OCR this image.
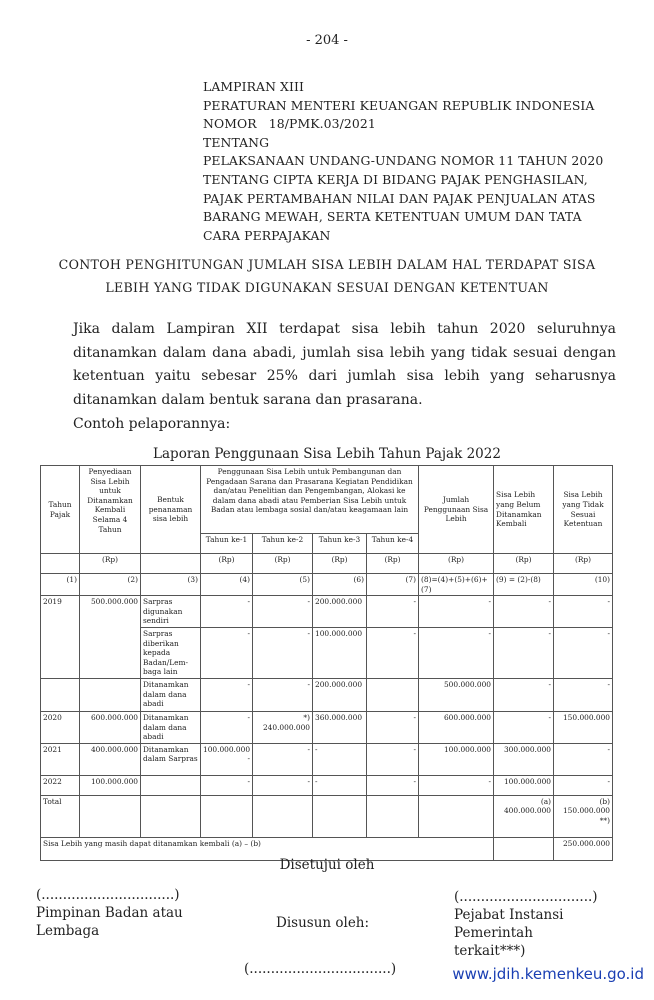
- 204 -
LAMPIRAN XIII
PERATURAN MENTERI KEUANGAN REPUBLIK INDONESIA
NOMOR   18/PMK.03/2021
TENTANG
PELAKSANAAN UNDANG-UNDANG NOMOR 11 TAHUN 2020
TENTANG CIPTA KERJA DI BIDANG PAJAK PENGHASILAN,
PAJAK PERTAMBAHAN NILAI DAN PAJAK PENJUALAN ATAS
BARANG MEWAH, SERTA KETENTUAN UMUM DAN TATA
CARA PERPAJAKAN
CONTOH PENGHITUNGAN JUMLAH SISA LEBIH DALAM HAL TERDAPAT SISA
LEBIH YANG TIDAK DIGUNAKAN SESUAI DENGAN KETENTUAN
Jika dalam Lampiran XII terdapat sisa lebih tahun 2020 seluruhnya ditanamkan dalam dana abadi, jumlah sisa lebih yang tidak sesuai dengan ketentuan yaitu sebesar 25% dari jumlah sisa lebih yang seharusnya ditanamkan dalam bentuk sarana dan prasarana.
Contoh pelaporannya:
Laporan Penggunaan Sisa Lebih Tahun Pajak 2022
Tahun Pajak	Penyediaan Sisa Lebih untuk Ditanamkan Kembali Selama 4 Tahun	Bentuk penanaman sisa lebih	Penggunaan Sisa Lebih untuk Pembangunan dan Pengadaan Sarana dan Prasarana Kegiatan Pendidikan dan/atau Penelitian dan Pengembangan, Alokasi ke dalam dana abadi atau Pemberian Sisa Lebih untuk Badan atau lembaga sosial dan/atau keagamaan lain				Jumlah Penggunaan Sisa Lebih	Sisa Lebih yang Belum Ditanamkan Kembali	Sisa Lebih yang Tidak Sesuai Ketentuan
			Tahun ke-1	Tahun ke-2	Tahun ke-3	Tahun ke-4			
	(Rp)		(Rp)	(Rp)	(Rp)	(Rp)	(Rp)	(Rp)	(Rp)
(1)	(2)	(3)	(4)	(5)	(6)	(7)	(8)=(4)+(5)+(6)+(7)	(9) = (2)-(8)	(10)
2019	500.000.000	Sarpras digunakan sendiri	-	-	200.000.000	-	-	-	-
		Sarpras diberikan kepada Badan/Lem-baga lain	-	-	100.000.000	-	-	-	-
		Ditanamkan dalam dana abadi	-	-	200.000.000		500.000.000	-	-
2020	600.000.000	Ditanamkan dalam dana abadi	-	*) 240.000.000	360.000.000	-	600.000.000	-	150.000.000
2021	400.000.000	Ditanamkan dalam Sarpras	100.000.000 -	-	-	-	100.000.000	300.000.000	-
2022	100.000.000		-	-	-	-	-	100.000.000	-
Total								(a) 400.000.000	(b) 150.000.000 **)
Sisa Lebih yang masih dapat ditanamkan kembali (a) – (b)									250.000.000
Disetujui oleh
(...............................)
Pimpinan Badan atau Lembaga	Disusun oleh:
(...............................)
Pejabat Instansi Pemerintah terkait***)
(.................................)	www.jdih.kemenkeu.go.id
